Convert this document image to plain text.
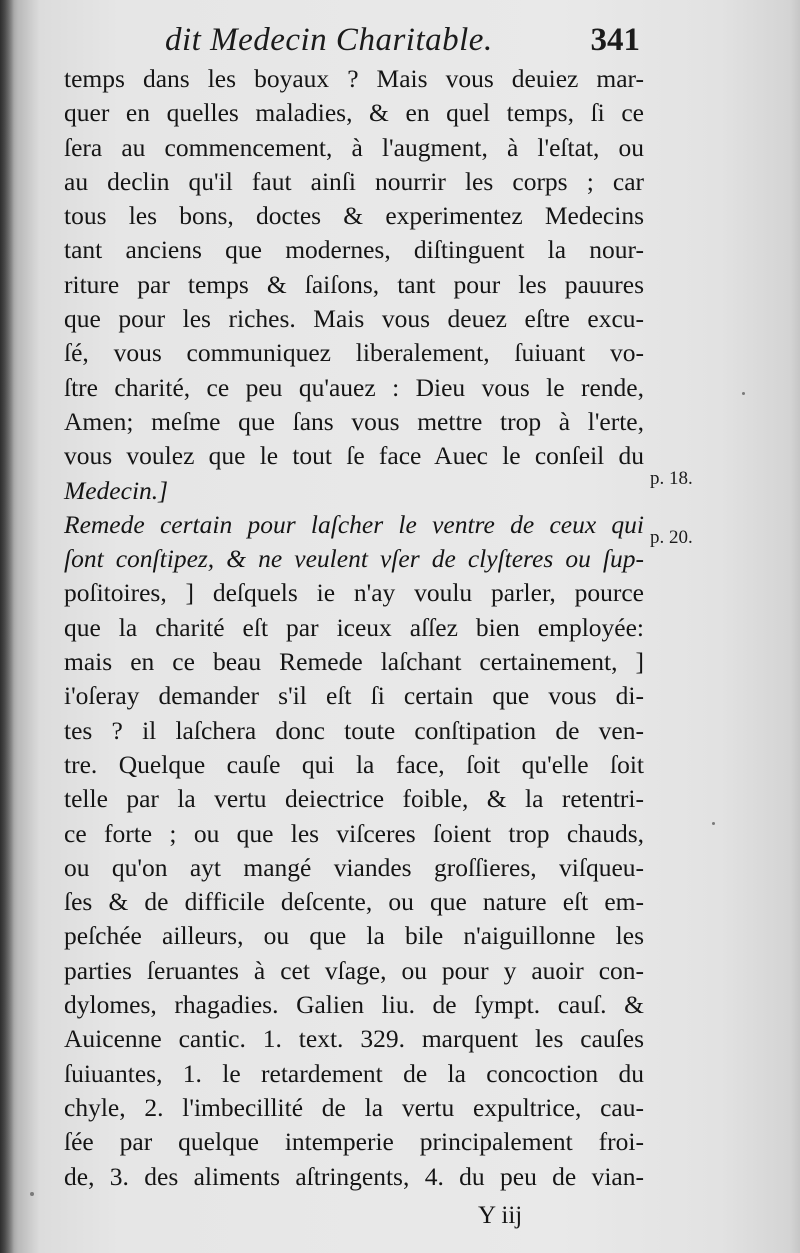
dit Medecin Charitable.	341
temps dans les boyaux ? Mais vous deuiez mar-
quer en quelles maladies, & en quel temps, ſi ce
ſera au commencement, à l'augment, à l'eſtat, ou
au declin qu'il faut ainſi nourrir les corps ; car
tous les bons, doctes & experimentez Medecins
tant anciens que modernes, diſtinguent la nour-
riture par temps & ſaiſons, tant pour les pauures
que pour les riches. Mais vous deuez eſtre excu-
ſé, vous communiquez liberalement, ſuiuant vo-
ſtre charité, ce peu qu'auez : Dieu vous le rende,
Amen; meſme que ſans vous mettre trop à l'erte,
vous voulez que le tout ſe face Auec le conſeil du
Medecin.]
Remede certain pour laſcher le ventre de ceux qui
ſont conſtipez, & ne veulent vſer de clyſteres ou ſup-
poſitoires, ] deſquels ie n'ay voulu parler, pource
que la charité eſt par iceux aſſez bien employée:
mais en ce beau Remede laſchant certainement, ]
i'oſeray demander s'il eſt ſi certain que vous di-
tes ? il laſchera donc toute conſtipation de ven-
tre. Quelque cauſe qui la face, ſoit qu'elle ſoit
telle par la vertu deiectrice foible, & la retentri-
ce forte ; ou que les viſceres ſoient trop chauds,
ou qu'on ayt mangé viandes groſſieres, viſqueu-
ſes & de difficile deſcente, ou que nature eſt em-
peſchée ailleurs, ou que la bile n'aiguillonne les
parties ſeruantes à cet vſage, ou pour y auoir con-
dylomes, rhagadies. Galien liu. de ſympt. cauſ. &
Auicenne cantic. 1. text. 329. marquent les cauſes
ſuiuantes, 1. le retardement de la concoction du
chyle, 2. l'imbecillité de la vertu expultrice, cau-
ſée par quelque intemperie principalement froi-
de, 3. des aliments aſtringents, 4. du peu de vian-
p. 18.
p. 20.
Y iij
